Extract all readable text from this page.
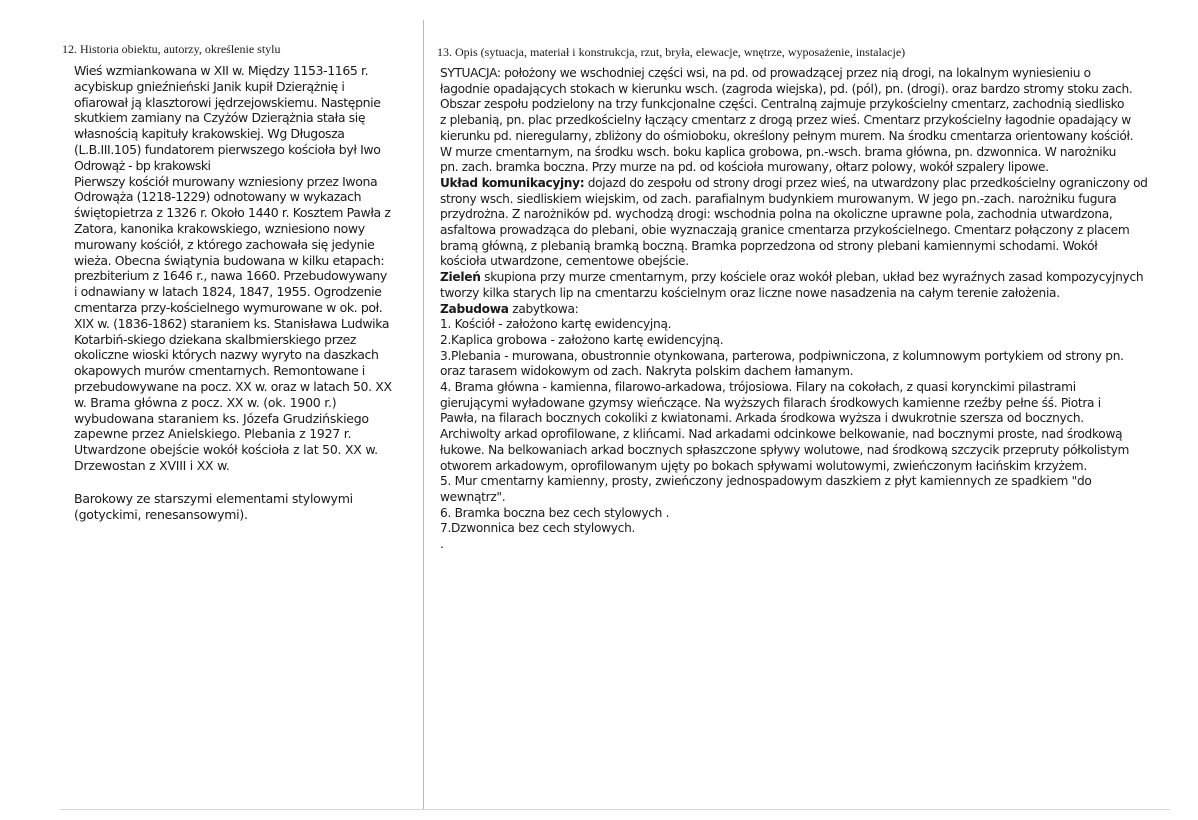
12. Historia obiektu, autorzy, określenie stylu

Wieś wzmiankowana w XII w. Między 1153-1165 r.

acybiskup gnieźnieński Janik kupił Dzierążnię i

ofiarował ją klasztorowi jędrzejowskiemu. Następnie

skutkiem zamiany na Czyżów Dzierążnia stała się

własnością kapituły krakowskiej. Wg Długosza

(L.B.III.105) fundatorem pierwszego kościoła był Iwo

Odrowąż - bp krakowski

Pierwszy kościół murowany wzniesiony przez Iwona

Odrowąża (1218-1229) odnotowany w wykazach

świętopietrza z 1326 r. Około 1440 r. Kosztem Pawła z

Zatora, kanonika krakowskiego, wzniesiono nowy

murowany kościół, z którego zachowała się jedynie

wieża. Obecna świątynia budowana w kilku etapach:

prezbiterium z 1646 r., nawa 1660. Przebudowywany

i odnawiany w latach 1824, 1847, 1955. Ogrodzenie

cmentarza przy-kościelnego wymurowane w ok. poł.

XIX w. (1836-1862) staraniem ks. Stanisława Ludwika

Kotarbiń-skiego dziekana skalbmierskiego przez

okoliczne wioski których nazwy wyryto na daszkach

okapowych murów cmentarnych. Remontowane i

przebudowywane na pocz. XX w. oraz w latach 50. XX

w. Brama główna z pocz. XX w. (ok. 1900 r.)

wybudowana staraniem ks. Józefa Grudzińskiego

zapewne przez Anielskiego. Plebania z 1927 r.

Utwardzone obejście wokół kościoła z lat 50. XX w.

Drzewostan z XVIII i XX w.

Barokowy ze starszymi elementami stylowymi

(gotyckimi, renesansowymi).

13. Opis (sytuacja, materiał i konstrukcja, rzut, bryła, elewacje, wnętrze, wyposażenie, instalacje)

SYTUACJA: położony we wschodniej części wsi, na pd. od prowadzącej przez nią drogi, na lokalnym wyniesieniu o

łagodnie opadających stokach w kierunku wsch. (zagroda wiejska), pd. (pól), pn. (drogi). oraz bardzo stromy stoku zach.

Obszar zespołu podzielony na trzy funkcjonalne części. Centralną zajmuje przykościelny cmentarz, zachodnią siedlisko

z plebanią, pn. plac przedkościelny łączący cmentarz z drogą przez wieś. Cmentarz przykościelny łagodnie opadający w

kierunku pd. nieregularny, zbliżony do ośmioboku, określony pełnym murem. Na środku cmentarza orientowany kościół.

W murze cmentarnym, na środku wsch. boku kaplica grobowa, pn.-wsch. brama główna, pn. dzwonnica. W narożniku

pn. zach. bramka boczna. Przy murze na pd. od kościoła murowany, ołtarz polowy, wokół szpalery lipowe.

Układ komunikacyjny: dojazd do zespołu od strony drogi przez wieś, na utwardzony plac przedkościelny ograniczony od

strony wsch. siedliskiem wiejskim, od zach. parafialnym budynkiem murowanym. W jego pn.-zach. narożniku fugura

przydrożna. Z narożników pd. wychodzą drogi: wschodnia polna na okoliczne uprawne pola, zachodnia utwardzona,

asfaltowa prowadząca do plebani, obie wyznaczają granice cmentarza przykościelnego. Cmentarz połączony z placem

bramą główną, z plebanią bramką boczną. Bramka poprzedzona od strony plebani kamiennymi schodami. Wokół

kościoła utwardzone, cementowe obejście.

Zieleń skupiona przy murze cmentarnym, przy kościele oraz wokół pleban, układ bez wyraźnych zasad kompozycyjnych

tworzy kilka starych lip na cmentarzu kościelnym oraz liczne nowe nasadzenia na całym terenie założenia.

Zabudowa zabytkowa:

1. Kościół - założono kartę ewidencyjną.

2.Kaplica grobowa - założono kartę ewidencyjną.

3.Plebania - murowana, obustronnie otynkowana, parterowa, podpiwniczona, z kolumnowym portykiem od strony pn.

oraz tarasem widokowym od zach. Nakryta polskim dachem łamanym.

4. Brama główna - kamienna, filarowo-arkadowa, trójosiowa. Filary na cokołach, z quasi korynckimi pilastrami

gierującymi wyładowane gzymsy wieńczące. Na wyższych filarach środkowych kamienne rzeźby pełne śś. Piotra i

Pawła, na filarach bocznych cokoliki z kwiatonami. Arkada środkowa wyższa i dwukrotnie szersza od bocznych.

Archiwolty arkad oprofilowane, z klińcami. Nad arkadami odcinkowe belkowanie, nad bocznymi proste, nad środkową

łukowe. Na belkowaniach arkad bocznych spłaszczone spływy wolutowe, nad środkową szczycik przepruty półkolistym

otworem arkadowym, oprofilowanym ujęty po bokach spływami wolutowymi, zwieńczonym łacińskim krzyżem.

5. Mur cmentarny kamienny, prosty, zwieńczony jednospadowym daszkiem z płyt kamiennych ze spadkiem "do

wewnątrz".

6. Bramka boczna bez cech stylowych .

7.Dzwonnica bez cech stylowych.

.
